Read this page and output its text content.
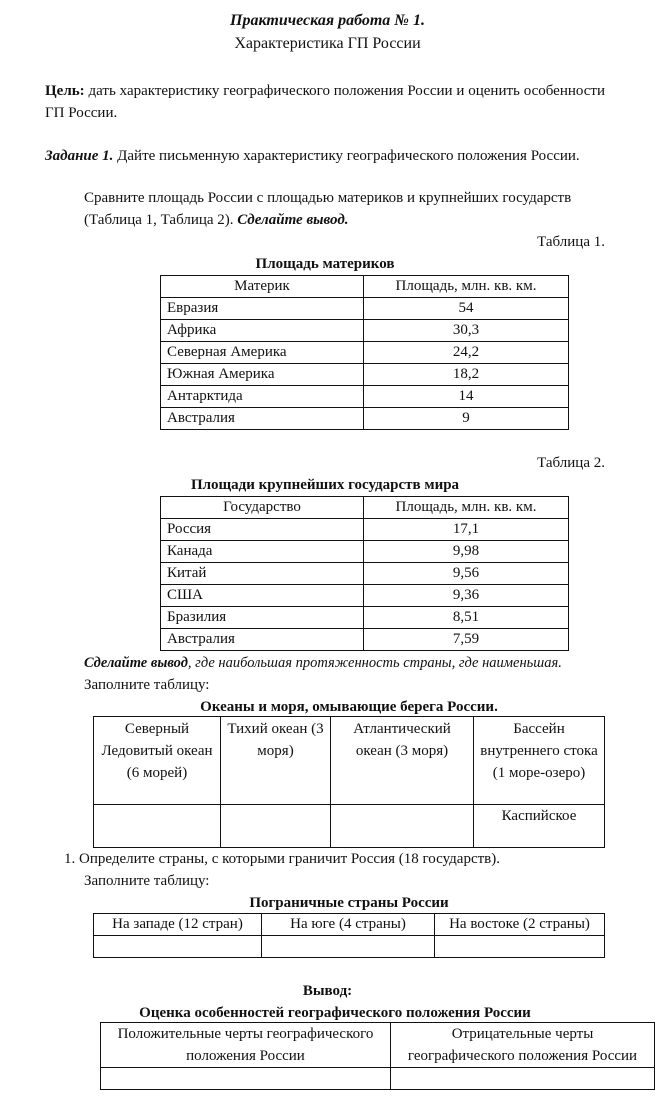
Практическая работа № 1.
Характеристика ГП России
Цель: дать характеристику географического положения России и оценить особенности ГП России.
Задание 1. Дайте письменную характеристику географического положения России.
Сравните площадь России с площадью материков и крупнейших государств (Таблица 1, Таблица 2). Сделайте вывод.
Таблица 1.
Площадь материков
Материк	Площадь, млн. кв. км.
Евразия	54
Африка	30,3
Северная Америка	24,2
Южная Америка	18,2
Антарктида	14
Австралия	9
Таблица 2.
Площади крупнейших государств мира
Государство	Площадь, млн. кв. км.
Россия	17,1
Канада	9,98
Китай	9,56
США	9,36
Бразилия	8,51
Австралия	7,59
Сделайте вывод, где наибольшая протяженность страны, где наименьшая.
Заполните таблицу:
Океаны и моря, омывающие берега России.
Северный Ледовитый океан (6 морей)	Тихий океан (3 моря)	Атлантический океан (3 моря)	Бассейн внутреннего стока (1 море-озеро)
			Каспийское
1. Определите страны, с которыми граничит Россия (18 государств).
Заполните таблицу:
Пограничные страны России
На западе (12 стран)	На юге (4 страны)	На востоке (2 страны)

Вывод:
Оценка особенностей географического положения России
Положительные черты географического положения России	Отрицательные черты географического положения России
